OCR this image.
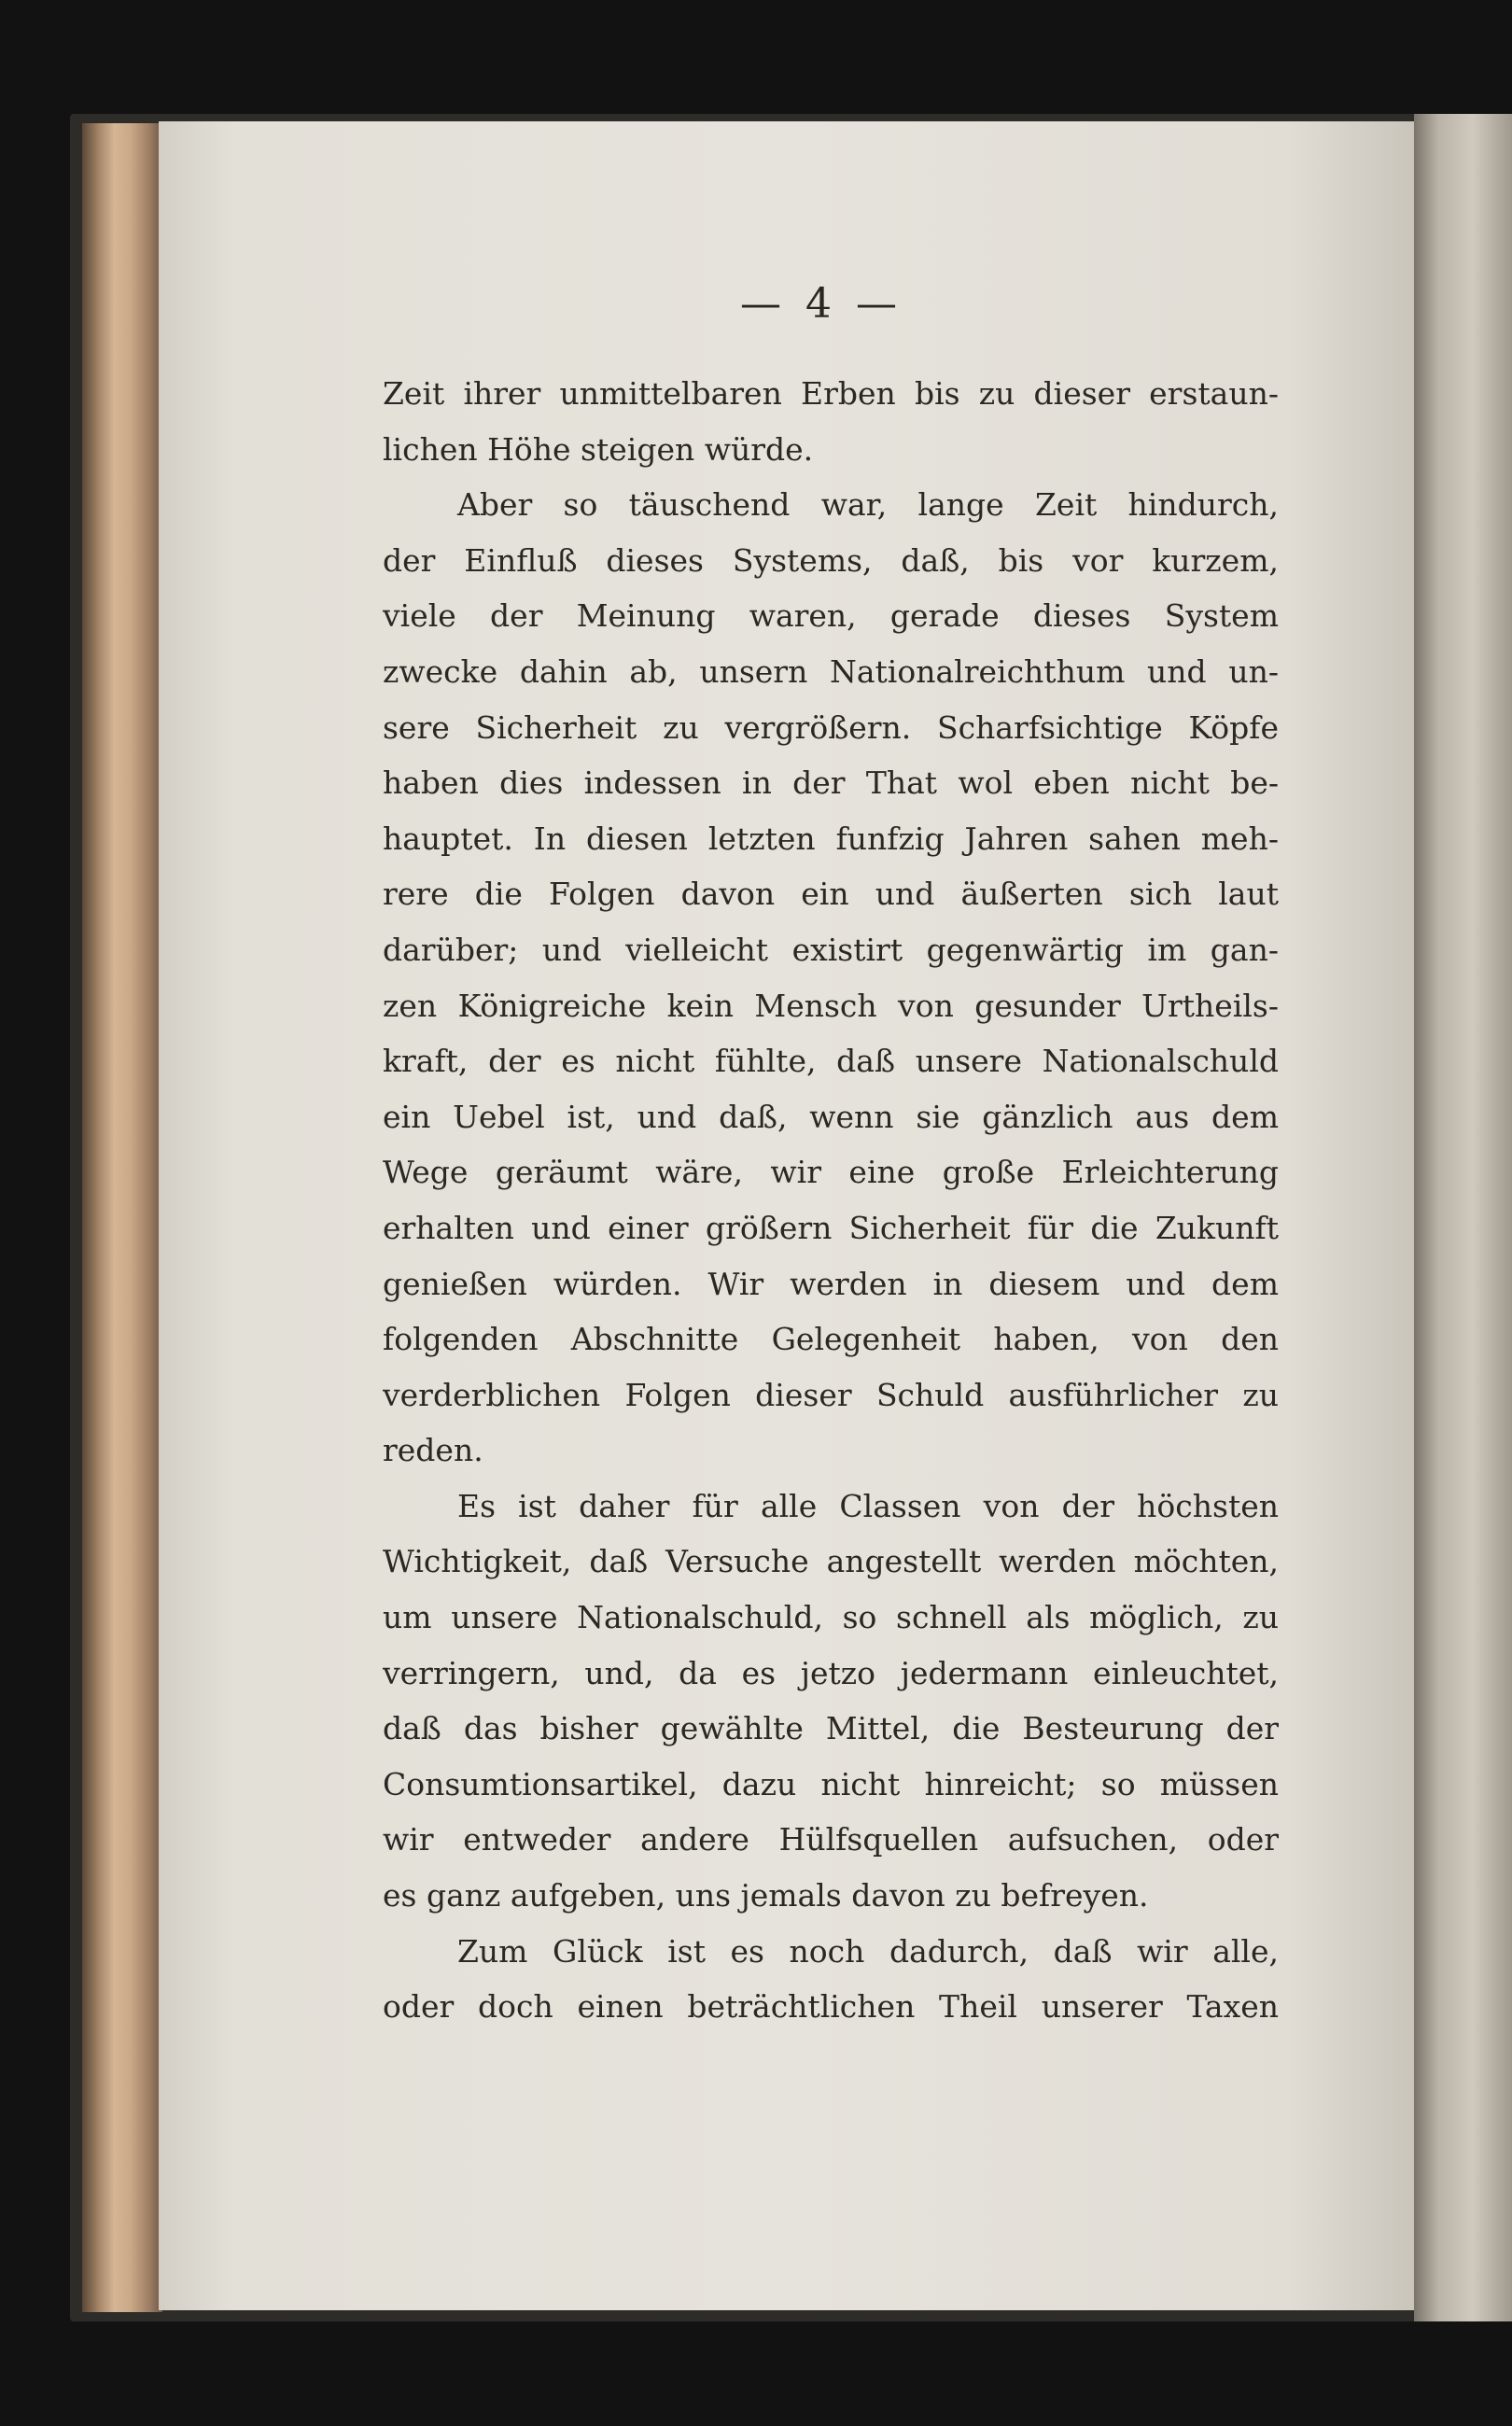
— 4 —
Zeit ihrer unmittelbaren Erben bis zu dieser erstaun-
lichen Höhe steigen würde.
Aber so täuschend war, lange Zeit hindurch,
der Einfluß dieses Systems, daß, bis vor kurzem,
viele der Meinung waren, gerade dieses System
zwecke dahin ab, unsern Nationalreichthum und un-
sere Sicherheit zu vergrößern. Scharfsichtige Köpfe
haben dies indessen in der That wol eben nicht be-
hauptet. In diesen letzten funfzig Jahren sahen meh-
rere die Folgen davon ein und äußerten sich laut
darüber; und vielleicht existirt gegenwärtig im gan-
zen Königreiche kein Mensch von gesunder Urtheils-
kraft, der es nicht fühlte, daß unsere Nationalschuld
ein Uebel ist, und daß, wenn sie gänzlich aus dem
Wege geräumt wäre, wir eine große Erleichterung
erhalten und einer größern Sicherheit für die Zukunft
genießen würden. Wir werden in diesem und dem
folgenden Abschnitte Gelegenheit haben, von den
verderblichen Folgen dieser Schuld ausführlicher zu
reden.
Es ist daher für alle Classen von der höchsten
Wichtigkeit, daß Versuche angestellt werden möchten,
um unsere Nationalschuld, so schnell als möglich, zu
verringern, und, da es jetzo jedermann einleuchtet,
daß das bisher gewählte Mittel, die Besteurung der
Consumtionsartikel, dazu nicht hinreicht; so müssen
wir entweder andere Hülfsquellen aufsuchen, oder
es ganz aufgeben, uns jemals davon zu befreyen.
Zum Glück ist es noch dadurch, daß wir alle,
oder doch einen beträchtlichen Theil unserer Taxen
